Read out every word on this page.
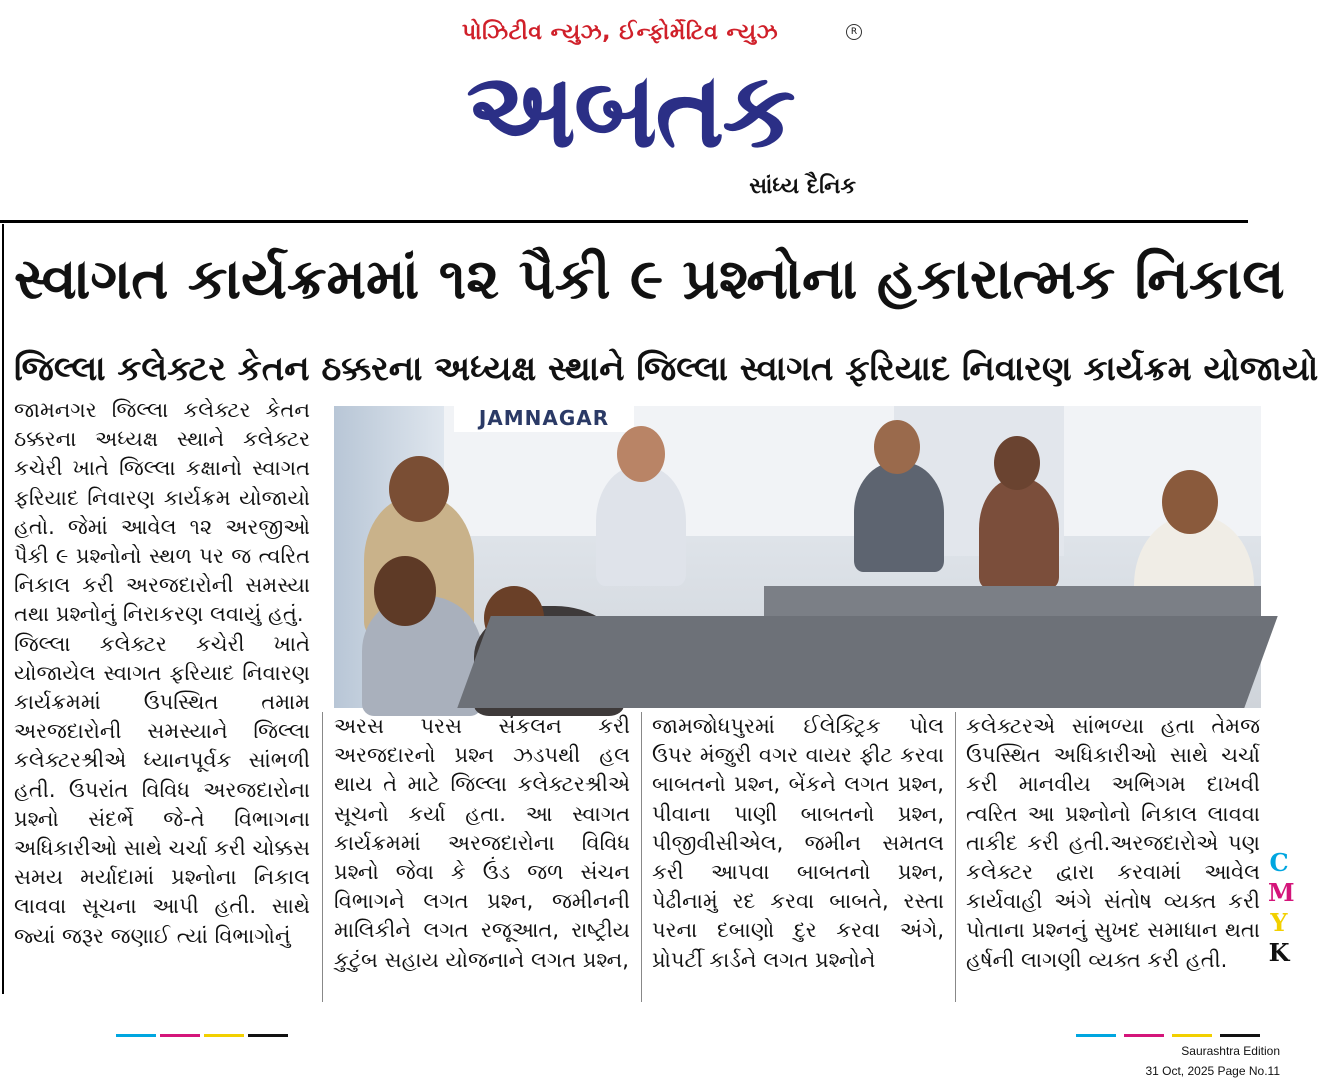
પોઝિટીવ ન્યુઝ, ઈન્ફોર્મેટિવ ન્યુઝ
અબતક
R
સાંધ્ય દૈનિક
સ્વાગત કાર્યક્રમમાં ૧૨ પૈકી ૯ પ્રશ્નોના હકારાત્મક નિકાલ
જિલ્લા કલેક્ટર કેતન ઠક્કરના અધ્યક્ષ સ્થાને જિલ્લા સ્વાગત ફરિયાદ નિવારણ કાર્યક્રમ યોજાયો
JAMNAGAR
જામનગર જિલ્લા કલેક્ટર કેતન ઠક્કરના અધ્યક્ષ સ્થાને કલેક્ટર કચેરી ખાતે જિલ્લા કક્ષાનો સ્વાગત ફરિયાદ નિવારણ કાર્યક્રમ યોજાયો હતો. જેમાં આવેલ ૧૨ અરજીઓ પૈકી ૯ પ્રશ્નોનો સ્થળ પર જ ત્વરિત નિકાલ કરી અરજદારોની સમસ્યા તથા પ્રશ્નોનું નિરાકરણ લવાયું હતું.
જિલ્લા કલેક્ટર કચેરી ખાતે યોજાયેલ સ્વાગત ફરિયાદ નિવારણ કાર્યક્રમમાં ઉપસ્થિત તમામ અરજદારોની સમસ્યાને જિલ્લા કલેક્ટરશ્રીએ ધ્યાનપૂર્વક સાંભળી હતી. ઉપરાંત વિવિધ અરજદારોના પ્રશ્નો સંદર્ભે જે-તે વિભાગના અધિકારીઓ સાથે ચર્ચા કરી ચોક્કસ સમય મર્યાદામાં પ્રશ્નોના નિકાલ લાવવા સૂચના આપી હતી. સાથે જ્યાં જરૂર જણાઈ ત્યાં વિભાગોનું
અરસ પરસ સંકલન કરી અરજદારનો પ્રશ્ન ઝડપથી હલ થાય તે માટે જિલ્લા કલેક્ટરશ્રીએ સૂચનો કર્યા હતા. આ સ્વાગત કાર્યક્રમમાં અરજદારોના વિવિધ પ્રશ્નો જેવા કે ઉંડ જળ સંચન વિભાગને લગત પ્રશ્ન, જમીનની માલિકીને લગત રજૂઆત, રાષ્ટ્રીય કુટુંબ સહાય યોજનાને લગત પ્રશ્ન,
જામજોધપુરમાં ઈલેક્ટ્રિક પોલ ઉપર મંજુરી વગર વાયર ફીટ કરવા બાબતનો પ્રશ્ન, બેંકને લગત પ્રશ્ન, પીવાના પાણી બાબતનો પ્રશ્ન, પીજીવીસીએલ, જમીન સમતલ કરી આપવા બાબતનો પ્રશ્ન, પેઢીનામું રદ કરવા બાબતે, રસ્તા પરના દબાણો દુર કરવા અંગે, પ્રોપર્ટી કાર્ડને લગત પ્રશ્નોને
કલેક્ટરએ સાંભળ્યા હતા તેમજ ઉપસ્થિત અધિકારીઓ સાથે ચર્ચા કરી માનવીય અભિગમ દાખવી ત્વરિત આ પ્રશ્નોનો નિકાલ લાવવા તાકીદ કરી હતી.અરજદારોએ પણ કલેક્ટર દ્વારા કરવામાં આવેલ કાર્યવાહી અંગે સંતોષ વ્યક્ત કરી પોતાના પ્રશ્નનું સુખદ સમાધાન થતા હર્ષની લાગણી વ્યક્ત કરી હતી.
C
M
Y
K
Saurashtra Edition
31 Oct, 2025 Page No.11
